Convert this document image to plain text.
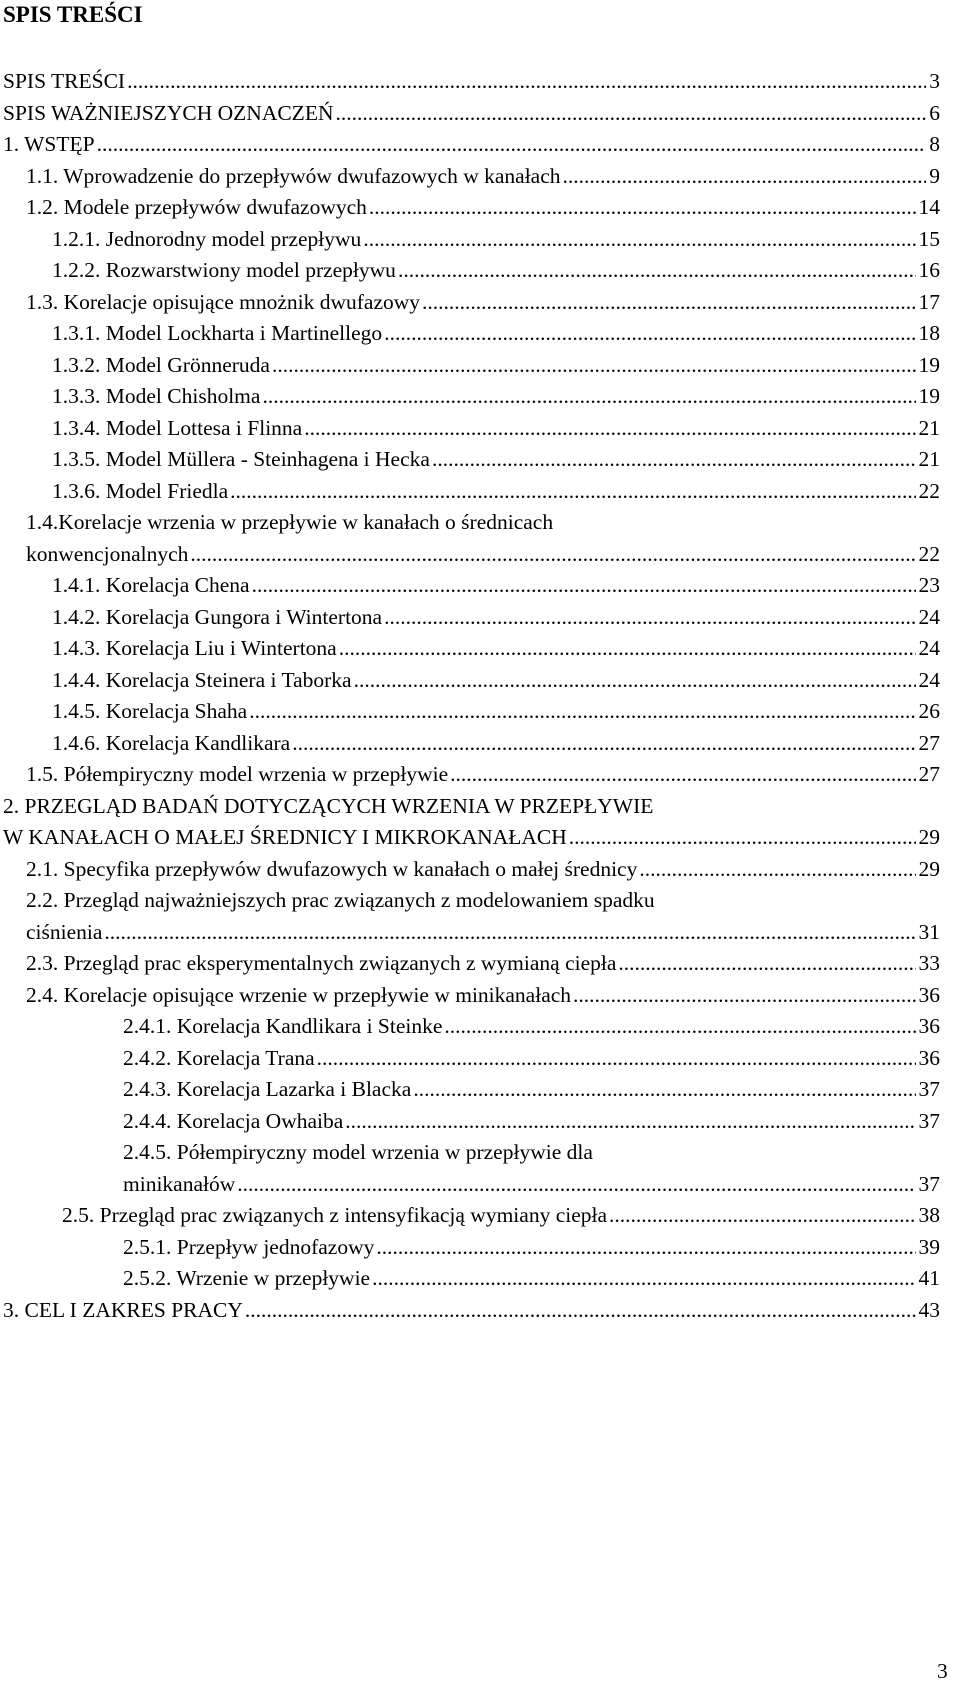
SPIS TREŚCI
SPIS TREŚCI .....	3
SPIS WAŻNIEJSZYCH OZNACZEŃ .....	6
1. WSTĘP .....	8
1.1. Wprowadzenie do przepływów dwufazowych w kanałach .....	9
1.2. Modele przepływów dwufazowych .....	14
1.2.1. Jednorodny model przepływu .....	15
1.2.2. Rozwarstwiony model przepływu .....	16
1.3. Korelacje opisujące mnożnik dwufazowy .....	17
1.3.1. Model Lockharta i Martinellego .....	18
1.3.2. Model Grönneruda .....	19
1.3.3. Model Chisholma .....	19
1.3.4. Model Lottesa i Flinna .....	21
1.3.5. Model Müllera - Steinhagena i Hecka .....	21
1.3.6. Model Friedla .....	22
1.4.Korelacje wrzenia w przepływie w kanałach o średnicach
konwencjonalnych .....	22
1.4.1. Korelacja Chena .....	23
1.4.2. Korelacja Gungora i Wintertona .....	24
1.4.3. Korelacja Liu i Wintertona .....	24
1.4.4. Korelacja Steinera i Taborka .....	24
1.4.5. Korelacja Shaha .....	26
1.4.6. Korelacja Kandlikara .....	27
1.5. Półempiryczny model wrzenia w przepływie .....	27
2. PRZEGLĄD BADAŃ DOTYCZĄCYCH WRZENIA W PRZEPŁYWIE
W KANAŁACH O MAŁEJ ŚREDNICY I MIKROKANAŁACH .....	29
2.1. Specyfika przepływów dwufazowych w kanałach o małej średnicy .....	29
2.2. Przegląd najważniejszych prac związanych z modelowaniem spadku
ciśnienia .....	31
2.3. Przegląd prac eksperymentalnych związanych z wymianą ciepła .....	33
2.4. Korelacje opisujące wrzenie w przepływie w minikanałach .....	36
2.4.1. Korelacja Kandlikara i Steinke .....	36
2.4.2. Korelacja Trana .....	36
2.4.3. Korelacja Lazarka i Blacka .....	37
2.4.4. Korelacja Owhaiba .....	37
2.4.5. Półempiryczny model wrzenia w przepływie dla
minikanałów .....	37
2.5. Przegląd prac związanych z intensyfikacją wymiany ciepła .....	38
2.5.1. Przepływ jednofazowy .....	39
2.5.2. Wrzenie w przepływie .....	41
3. CEL I ZAKRES PRACY .....	43
3
